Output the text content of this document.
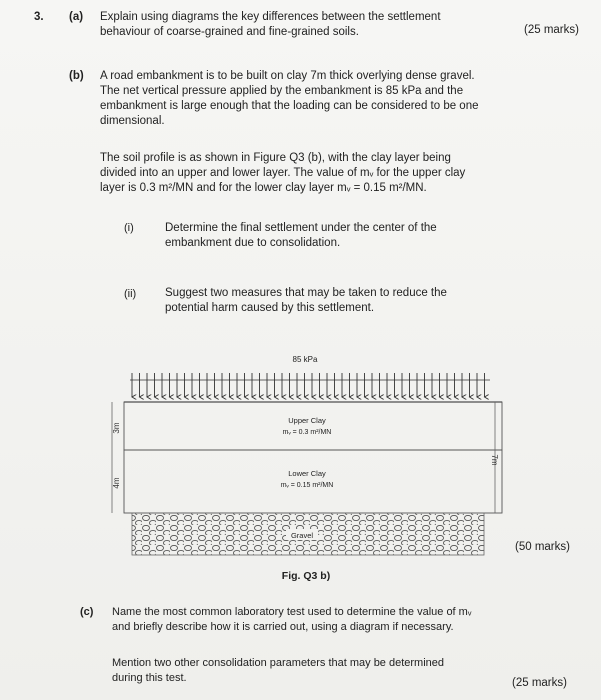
3. (a) Explain using diagrams the key differences between the settlement
behaviour of coarse-grained and fine-grained soils.	(25 marks)
(b) A road embankment is to be built on clay 7m thick overlying dense gravel.
The net vertical pressure applied by the embankment is 85 kPa and the
embankment is large enough that the loading can be considered to be one
dimensional.
The soil profile is as shown in Figure Q3 (b), with the clay layer being
divided into an upper and lower layer. The value of mᵥ for the upper clay
layer is 0.3 m²/MN and for the lower clay layer mᵥ = 0.15 m²/MN.
(i)	Determine the final settlement under the center of the
embankment due to consolidation.
(ii)	Suggest two measures that may be taken to reduce the
potential harm caused by this settlement.
85 kPa
Upper Clay
mᵥ = 0.3 m²/MN
Lower Clay
mᵥ = 0.15 m²/MN
Gravel
3m
4m
7m
Fig. Q3 b)
(50 marks)
(c) Name the most common laboratory test used to determine the value of mᵥ
and briefly describe how it is carried out, using a diagram if necessary.
Mention two other consolidation parameters that may be determined
during this test.	(25 marks)
